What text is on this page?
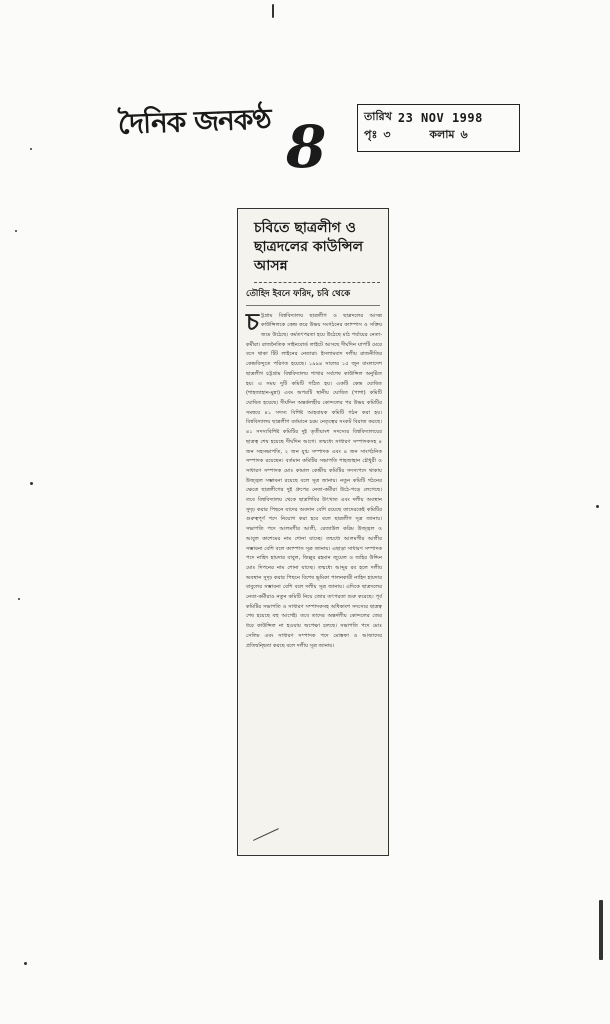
দৈনিক জনকণ্ঠ 8	তারিখ 23 NOV 1998
পৃঃ ৩	কলাম ৬
চবিতে ছাত্রলীগ ও ছাত্রদলের কাউন্সিল আসন্ন
তৌহিদ ইবনে ফরিদ, চবি থেকে
চ ট্টগ্রাম বিশ্ববিদ্যালয় ছাত্রলীগ ও ছাত্রদলের আসন্ন কাউন্সিলকে কেন্দ্র করে উভয় সংগঠনের ক্যাম্পাস ও সক্রিয় জমে উঠেছে। কর্মতৎপরতা হয়ে উঠেছে মাঠ পর্যায়ের নেতা-কর্মীরা। রাজনৈতিক সাইনবোর্ড লাইটে আসছে দীর্ঘদিন ঘাপটি মেরে বসে থাকা টিট লাইনের নেতারা। ইসলামবাদ দলীয় রাজনীতির কেন্দ্রবিন্দুতে পরিণত হয়েছে। ১৯৯৪ সালের ১৫ জুন বাংলাদেশ ছাত্রলীগ চট্টগ্রাম বিশ্ববিদ্যালয় শাখার সর্বশেষ কাউন্সিল অনুষ্ঠিত হয়। এ সময় দুটি কমিটি গঠিত হয়। একটি কেন্দ্র ঘোষিত (শাহজাহান-মুন্না) এবং অপরটি স্থানীয় ঘোষিত (পাশা) কমিটি ঘোষিত হয়েছে। দীর্ঘদিন অন্তর্কলহীয় কোন্দলের পর উভয় কমিটির সমন্বয়ে ৪১ সদস্য বিশিষ্ট আহবায়ক কমিটি গঠন করা হয়। বিশ্ববিদ্যালয় ছাত্রলীগ বর্তমানে চরম নেতৃত্বের সংকট বিরাজ করছে। ৪১ সদস্যবিশিষ্ট কমিটির দুই তৃতীয়াংশ সদস্যের বিশ্ববিদ্যালয়ের ছাত্রত্ব শেষ হয়েছে দীর্ঘদিন আগে। তন্মধ্যে সাধারণ সম্পাদকসহ ৪ জন সহসভাপতি, ২ জন যুগ্ম সম্পাদক এবং ৪ জন সাংগঠনিক সম্পাদক রয়েছেন। বর্তমান কমিটির সভাপতি শাহজাহান চৌধুরী ও সাধারণ সম্পাদক মোঃ কামাল কেন্দ্রীয় কমিটির সদস্যপদে থাকায় উজ্জ্বল সম্ভাবনা রয়েছে বলে সূত্র জানায়। নতুন কমিটি গঠনের ক্ষেত্রে ছাত্রলীগের দুই গ্রুপের নেতা-কর্মীরা উঠে-পড়ে লেগেছে। তবে বিশ্ববিদ্যালয় থেকে ছাত্রশিবির উৎখাত এবং দলীয় অবস্থান সুদৃঢ় করার পিছনে যাদের অবদান বেশি রয়েছে তাদেরকেই কমিটির গুরুত্বপূর্ণ পদে নিয়োগ করা হবে বলে ছাত্রলীগ সূত্র জানায়। সভাপতি পদে আলমগীর আলী, রেজাউল করিম উজ্জ্বল ও আবুল কাশেমের নাম শোনা যাচ্ছে। তন্মধ্যে আলমগীর আলীর সম্ভাবনা বেশি বলে ক্যাম্পাস সূত্র জানায়। এছাড়া সাধারণ সম্পাদক পদে নাহিদ হায়দার বাবুল, জিল্লুর রহমান জুয়েল ও জহির উদ্দিন মোঃ দিপনের নাম শোনা যাচ্ছে। তন্মধ্যে আব্দুর রব হলে দলীয় অবস্থান সুদৃঢ় করার পিছনে বিশেষ ভূমিকা পালনকারী নাহিদ হায়দার বাবুলের সম্ভাবনা বেশি বলে দলীয় সূত্র জানায়। এদিকে ছাত্রদলের নেতা-কর্মীরাও নতুন কমিটি নিয়ে জোর তৎপরতা শুরু করেছে। পূর্ব কমিটির সভাপতি ও সাধারণ সম্পাদকসহ অধিকাংশ সদস্যের ছাত্রত্ব শেষ হয়েছে বহু আগেই। তবে তাদের অন্তর্দলীয় কোন্দলের জের ধরে কাউন্সিল না হওয়ায় অপেক্ষা চলছে। সভাপতি পদে মোঃ সেলিম এবং সাধারণ সম্পাদক পদে মোস্তফা ও আজাদের প্রতিদ্বন্দ্বিতা করছে বলে দলীয় সূত্র জানায়।
